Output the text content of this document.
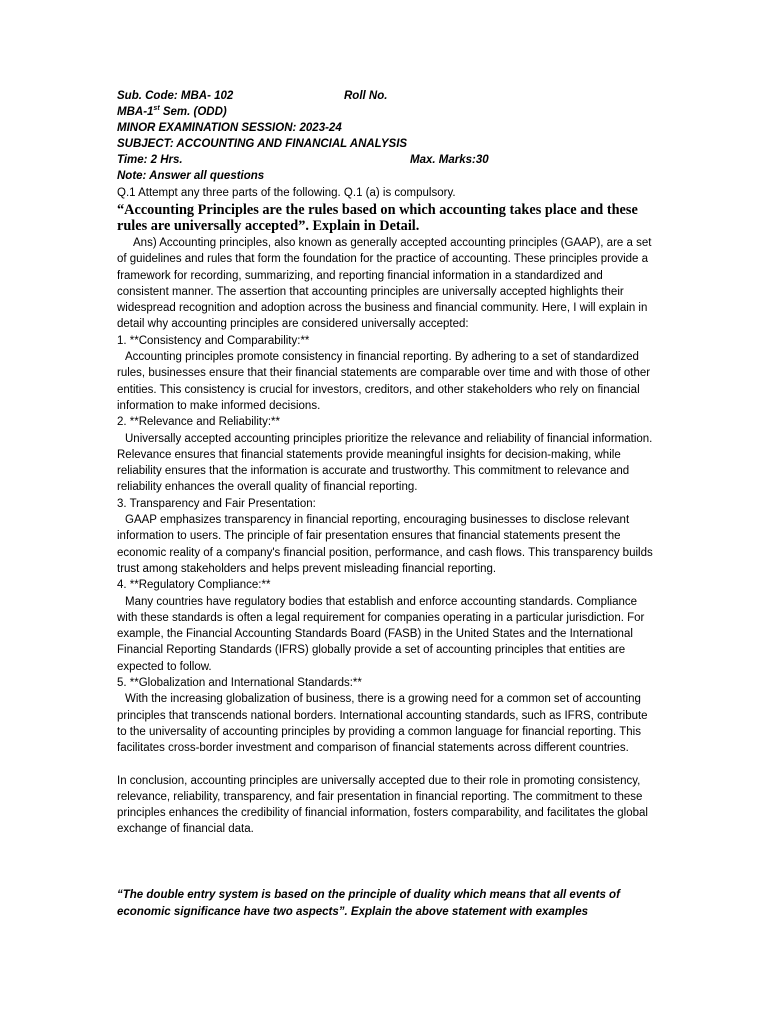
Sub. Code: MBA- 102	Roll No.
MBA-1st Sem. (ODD)
MINOR EXAMINATION SESSION: 2023-24
SUBJECT: ACCOUNTING AND FINANCIAL ANALYSIS
Time: 2 Hrs.	Max. Marks:30
Note: Answer all questions
Q.1 Attempt any three parts of the following. Q.1 (a) is compulsory.
“Accounting Principles are the rules based on which accounting takes place and these rules are universally accepted”. Explain in Detail.

Ans) Accounting principles, also known as generally accepted accounting principles (GAAP), are a set of guidelines and rules that form the foundation for the practice of accounting. These principles provide a framework for recording, summarizing, and reporting financial information in a standardized and consistent manner. The assertion that accounting principles are universally accepted highlights their widespread recognition and adoption across the business and financial community. Here, I will explain in detail why accounting principles are considered universally accepted:

1. **Consistency and Comparability:**

Accounting principles promote consistency in financial reporting. By adhering to a set of standardized rules, businesses ensure that their financial statements are comparable over time and with those of other entities. This consistency is crucial for investors, creditors, and other stakeholders who rely on financial information to make informed decisions.

2. **Relevance and Reliability:**

Universally accepted accounting principles prioritize the relevance and reliability of financial information. Relevance ensures that financial statements provide meaningful insights for decision-making, while reliability ensures that the information is accurate and trustworthy. This commitment to relevance and reliability enhances the overall quality of financial reporting.

3. Transparency and Fair Presentation:

GAAP emphasizes transparency in financial reporting, encouraging businesses to disclose relevant information to users. The principle of fair presentation ensures that financial statements present the economic reality of a company's financial position, performance, and cash flows. This transparency builds trust among stakeholders and helps prevent misleading financial reporting.

4. **Regulatory Compliance:**

Many countries have regulatory bodies that establish and enforce accounting standards. Compliance with these standards is often a legal requirement for companies operating in a particular jurisdiction. For example, the Financial Accounting Standards Board (FASB) in the United States and the International Financial Reporting Standards (IFRS) globally provide a set of accounting principles that entities are expected to follow.

5. **Globalization and International Standards:**

With the increasing globalization of business, there is a growing need for a common set of accounting principles that transcends national borders. International accounting standards, such as IFRS, contribute to the universality of accounting principles by providing a common language for financial reporting. This facilitates cross-border investment and comparison of financial statements across different countries.

In conclusion, accounting principles are universally accepted due to their role in promoting consistency, relevance, reliability, transparency, and fair presentation in financial reporting. The commitment to these principles enhances the credibility of financial information, fosters comparability, and facilitates the global exchange of financial data.

“The double entry system is based on the principle of duality which means that all events of economic significance have two aspects”. Explain the above statement with examples
